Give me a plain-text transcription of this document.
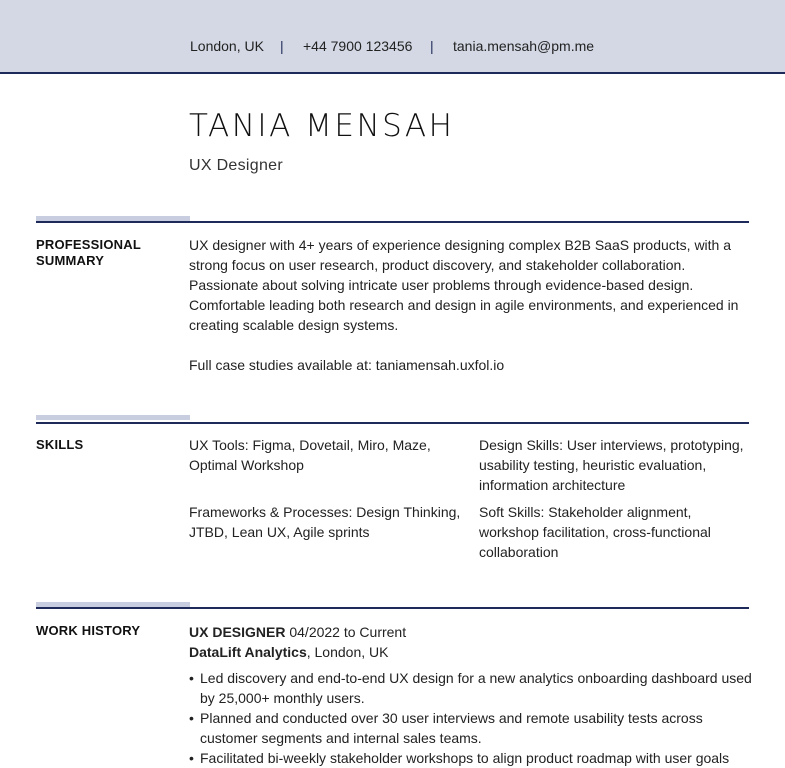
London, UK | +44 7900 123456 | tania.mensah@pm.me
TANIA MENSAH
UX Designer
PROFESSIONAL
SUMMARY
UX designer with 4+ years of experience designing complex B2B SaaS products, with a
strong focus on user research, product discovery, and stakeholder collaboration.
Passionate about solving intricate user problems through evidence-based design.
Comfortable leading both research and design in agile environments, and experienced in
creating scalable design systems.
Full case studies available at: taniamensah.uxfol.io
SKILLS	UX Tools: Figma, Dovetail, Miro, Maze,
Optimal Workshop
Design Skills: User interviews, prototyping,
usability testing, heuristic evaluation,
information architecture
Frameworks & Processes: Design Thinking,
JTBD, Lean UX, Agile sprints
Soft Skills: Stakeholder alignment,
workshop facilitation, cross-functional
collaboration
WORK HISTORY	UX DESIGNER 04/2022 to Current
DataLift Analytics, London, UK
• Led discovery and end-to-end UX design for a new analytics onboarding dashboard used
by 25,000+ monthly users.
• Planned and conducted over 30 user interviews and remote usability tests across
customer segments and internal sales teams.
• Facilitated bi-weekly stakeholder workshops to align product roadmap with user goals
